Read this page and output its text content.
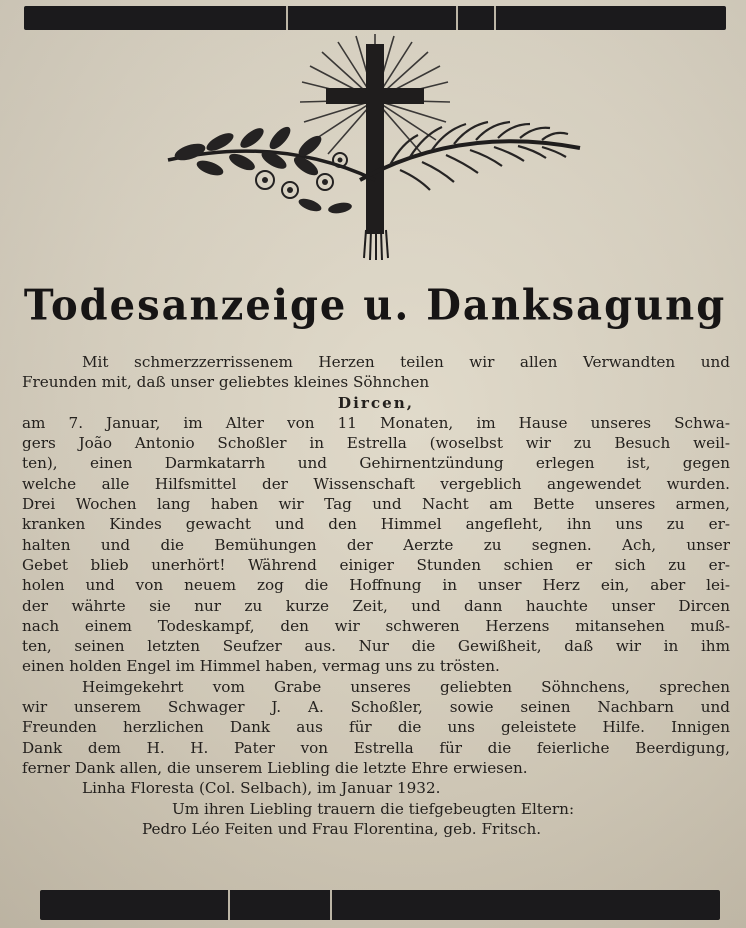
Todesanzeige u. Danksagung
Mit schmerzzerrissenem Herzen teilen wir allen Verwandten und
Freunden mit, daß unser geliebtes kleines Söhnchen
Dircen,
am 7. Januar, im Alter von 11 Monaten, im Hause unseres Schwa-
gers João Antonio Schoßler in Estrella (woselbst wir zu Besuch weil-
ten), einen Darmkatarrh und Gehirnentzündung erlegen ist, gegen
welche alle Hilfsmittel der Wissenschaft vergeblich angewendet wurden.
Drei Wochen lang haben wir Tag und Nacht am Bette unseres armen,
kranken Kindes gewacht und den Himmel angefleht, ihn uns zu er-
halten und die Bemühungen der Aerzte zu segnen. Ach, unser
Gebet blieb unerhört! Während einiger Stunden schien er sich zu er-
holen und von neuem zog die Hoffnung in unser Herz ein, aber lei-
der währte sie nur zu kurze Zeit, und dann hauchte unser Dircen
nach einem Todeskampf, den wir schweren Herzens mitansehen muß-
ten, seinen letzten Seufzer aus. Nur die Gewißheit, daß wir in ihm
einen holden Engel im Himmel haben, vermag uns zu trösten.
Heimgekehrt vom Grabe unseres geliebten Söhnchens, sprechen
wir unserem Schwager J. A. Schoßler, sowie seinen Nachbarn und
Freunden herzlichen Dank aus für die uns geleistete Hilfe. Innigen
Dank dem H. H. Pater von Estrella für die feierliche Beerdigung,
ferner Dank allen, die unserem Liebling die letzte Ehre erwiesen.
Linha Floresta (Col. Selbach), im Januar 1932.
Um ihren Liebling trauern die tiefgebeugten Eltern:
Pedro Léo Feiten und Frau Florentina, geb. Fritsch.
